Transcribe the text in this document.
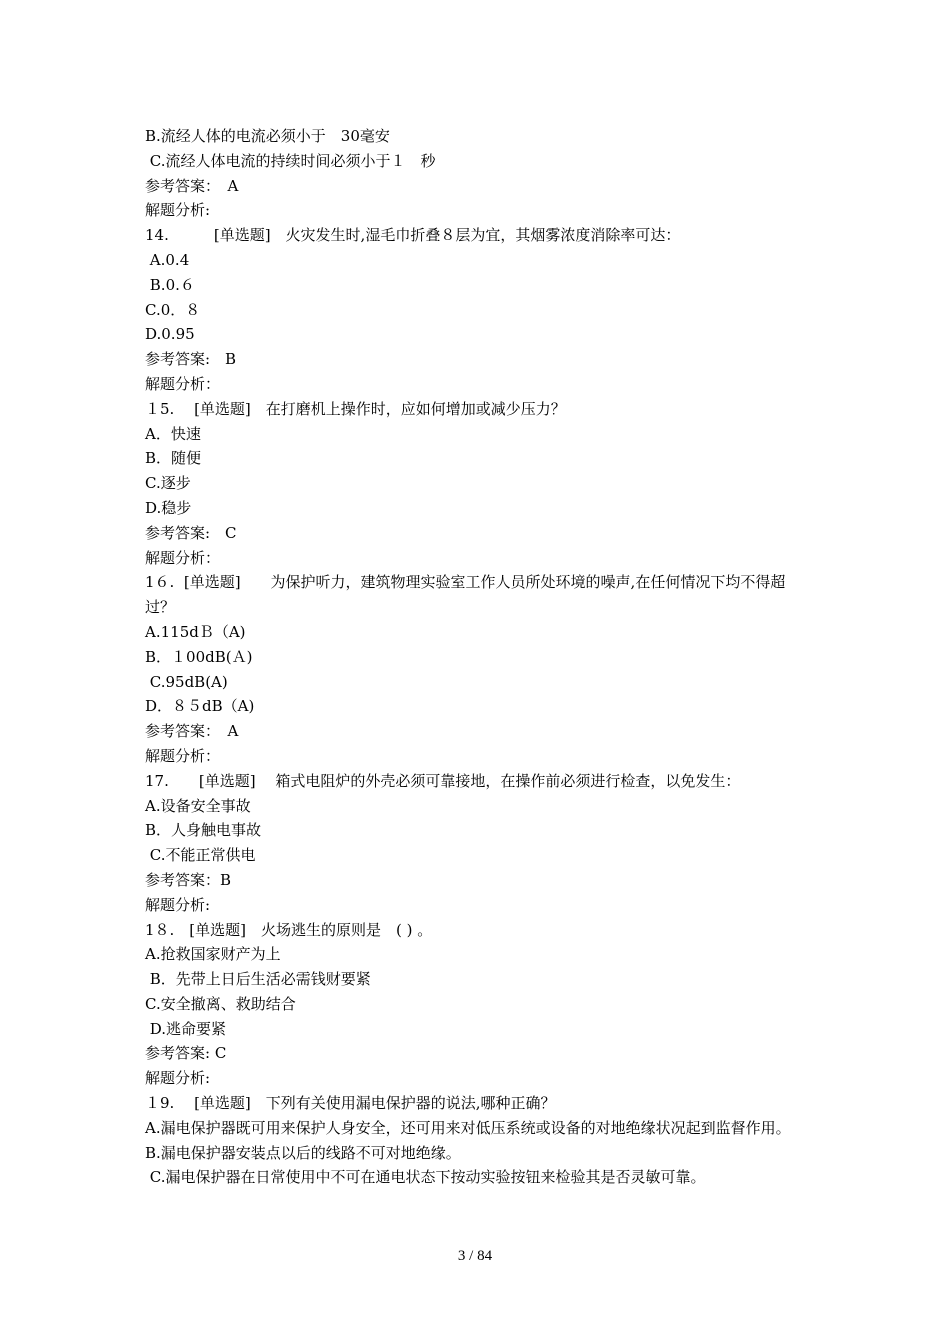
B.流经人体的电流必须小于　30毫安
C.流经人体电流的持续时间必须小于１　秒
参考答案：　A
解题分析:
14.　　　[单选题]　火灾发生时,湿毛巾折叠８层为宜，其烟雾浓度消除率可达：
A.0.4
B.0.６
C.0．８
D.0.95
参考答案:　B
解题分析：
１5.　 [单选题]　在打磨机上操作时，应如何增加或减少压力？
A．快速
B．随便
C.逐步
D.稳步
参考答案:　C
解题分析：
1６.  [单选题]　　为保护听力，建筑物理实验室工作人员所处环境的噪声,在任何情况下均不得超过？
A.115dＢ（A)
B．１00dB(Ａ)
C.95dB(A)
D．８５dB（A)
参考答案：　A
解题分析：
17.　　[单选题]　 箱式电阻炉的外壳必须可靠接地，在操作前必须进行检查，以免发生：
A.设备安全事故
B．人身触电事故
C.不能正常供电
参考答案：B
解题分析:
1８.　[单选题]　火场逃生的原则是　( ) 。
A.抢救国家财产为上
B．先带上日后生活必需钱财要紧
C.安全撤离、救助结合
D.逃命要紧
参考答案: C
解题分析:
１9.　 [单选题]　下列有关使用漏电保护器的说法,哪种正确？
A.漏电保护器既可用来保护人身安全，还可用来对低压系统或设备的对地绝缘状况起到监督作用。
B.漏电保护器安装点以后的线路不可对地绝缘。
C.漏电保护器在日常使用中不可在通电状态下按动实验按钮来检验其是否灵敏可靠。
3 / 84
